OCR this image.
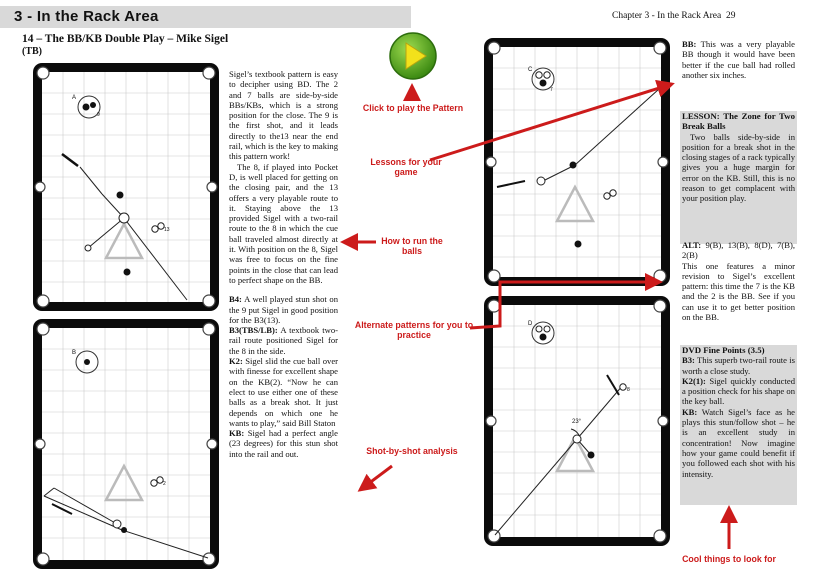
3 - In the Rack Area	Chapter 3 - In the Rack Area 29
14 – The BB/KB Double Play – Mike Sigel
(TB)
A
9
13
B
2
C
7
23°
D
8

Sigel’s textbook pattern is easy to decipher using BD. The 2 and 7 balls are side-by-side BBs/KBs, which is a strong position for the close. The 9 is the first shot, and it leads directly to the13 near the end rail, which is the key to making this pattern work!

The 8, if played into Pocket D, is well placed for getting on the closing pair, and the 13 offers a very playable route to it. Staying above the 13 provided Sigel with a two-rail route to the 8 in which the cue ball traveled almost directly at it. With position on the 8, Sigel was free to focus on the fine points in the close that can lead to perfect shape on the BB.

B4: A well played stun shot on the 9 put Sigel in good position for the B3(13).

B3(TBS/LB): A textbook two-rail route positioned Sigel for the 8 in the side.

K2: Sigel slid the cue ball over with finesse for excellent shape on the KB(2). “Now he can elect to use either one of these balls as a break shot. It just depends on which one he wants to play,” said Bill Staton

KB: Sigel had a perfect angle (23 degrees) for this stun shot into the rail and out.

BB: This was a very playable BB though it would have been better if the cue ball had rolled another six inches.

LESSON: The Zone for Two Break Balls

Two balls side-by-side in position for a break shot in the closing stages of a rack typically gives you a huge margin for error on the KB. Still, this is no reason to get complacent with your position play.

ALT: 9(B), 13(B), 8(D), 7(B), 2(B)

This one features a minor revision to Sigel’s excellent pattern: this time the 7 is the KB and the 2 is the BB. See if you can use it to get better position on the BB.

DVD Fine Points (3.5)

B3: This superb two-rail route is worth a close study.

K2(1): Sigel quickly conducted a position check for his shape on the key ball.

KB: Watch Sigel’s face as he plays this stun/follow shot – he is an excellent study in concentration! Now imagine how your game could benefit if you followed each shot with his intensity.

Click to play the Pattern
Lessons for your game
How to run the balls
Alternate patterns for you to practice
Shot-by-shot analysis
Cool things to look for
